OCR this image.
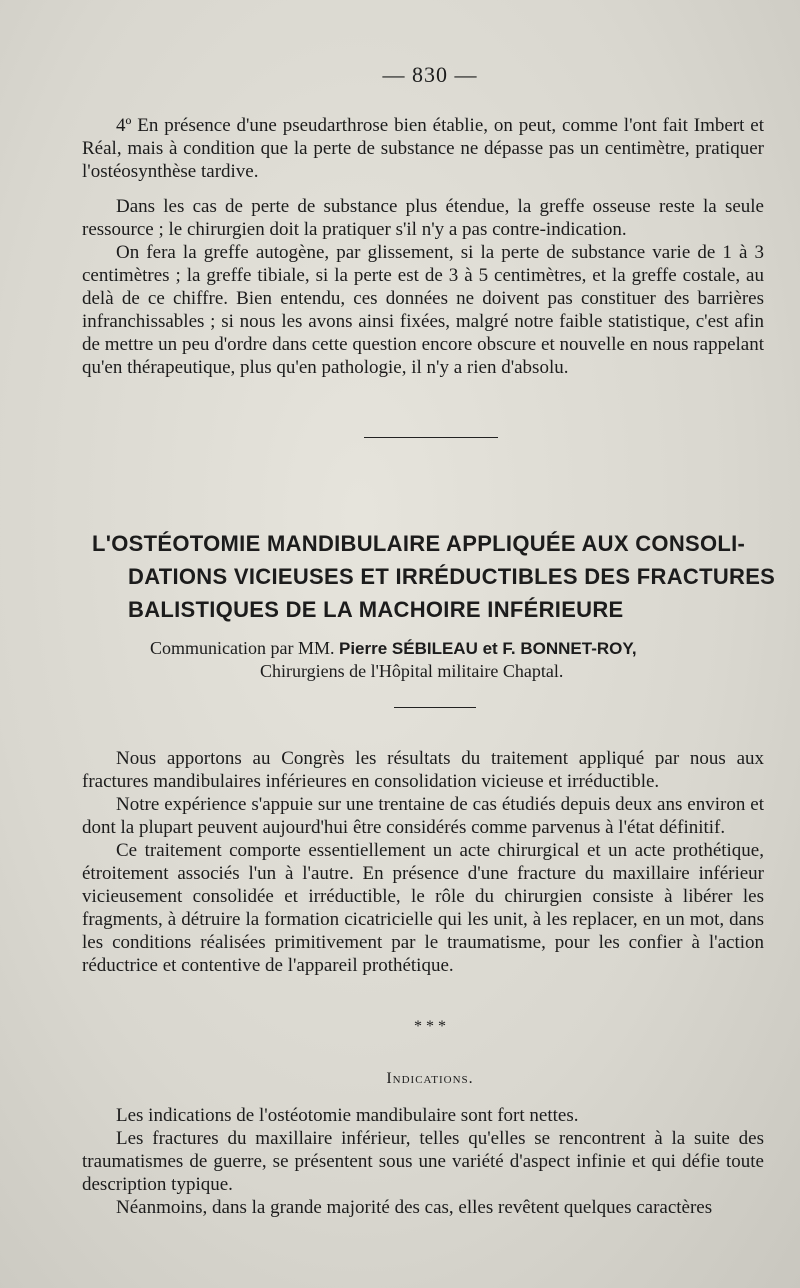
— 830 —

4º En présence d'une pseudarthrose bien établie, on peut, comme l'ont fait Imbert et Réal, mais à condition que la perte de substance ne dépasse pas un centimètre, pratiquer l'ostéosynthèse tardive.

Dans les cas de perte de substance plus étendue, la greffe osseuse reste la seule ressource ; le chirurgien doit la pratiquer s'il n'y a pas contre-indication.

On fera la greffe autogène, par glissement, si la perte de substance varie de 1 à 3 centimètres ; la greffe tibiale, si la perte est de 3 à 5 centimètres, et la greffe costale, au delà de ce chiffre. Bien entendu, ces données ne doivent pas constituer des barrières infranchissables ; si nous les avons ainsi fixées, malgré notre faible statistique, c'est afin de mettre un peu d'ordre dans cette question encore obscure et nouvelle en nous rappelant qu'en thérapeutique, plus qu'en pathologie, il n'y a rien d'absolu.

L'OSTÉOTOMIE MANDIBULAIRE APPLIQUÉE AUX CONSOLI-
DATIONS VICIEUSES ET IRRÉDUCTIBLES DES FRACTURES
BALISTIQUES DE LA MACHOIRE INFÉRIEURE
Communication par MM. Pierre SÉBILEAU et F. BONNET-ROY,
Chirurgiens de l'Hôpital militaire Chaptal.

Nous apportons au Congrès les résultats du traitement appliqué par nous aux fractures mandibulaires inférieures en consolidation vicieuse et irréductible.

Notre expérience s'appuie sur une trentaine de cas étudiés depuis deux ans environ et dont la plupart peuvent aujourd'hui être considérés comme parvenus à l'état définitif.

Ce traitement comporte essentiellement un acte chirurgical et un acte prothétique, étroitement associés l'un à l'autre. En présence d'une fracture du maxillaire inférieur vicieusement consolidée et irréductible, le rôle du chirurgien consiste à libérer les fragments, à détruire la formation cicatricielle qui les unit, à les replacer, en un mot, dans les conditions réalisées primitivement par le traumatisme, pour les confier à l'action réductrice et contentive de l'appareil prothétique.

* * *
Indications.

Les indications de l'ostéotomie mandibulaire sont fort nettes.

Les fractures du maxillaire inférieur, telles qu'elles se rencontrent à la suite des traumatismes de guerre, se présentent sous une variété d'aspect infinie et qui défie toute description typique.

Néanmoins, dans la grande majorité des cas, elles revêtent quelques caractères
